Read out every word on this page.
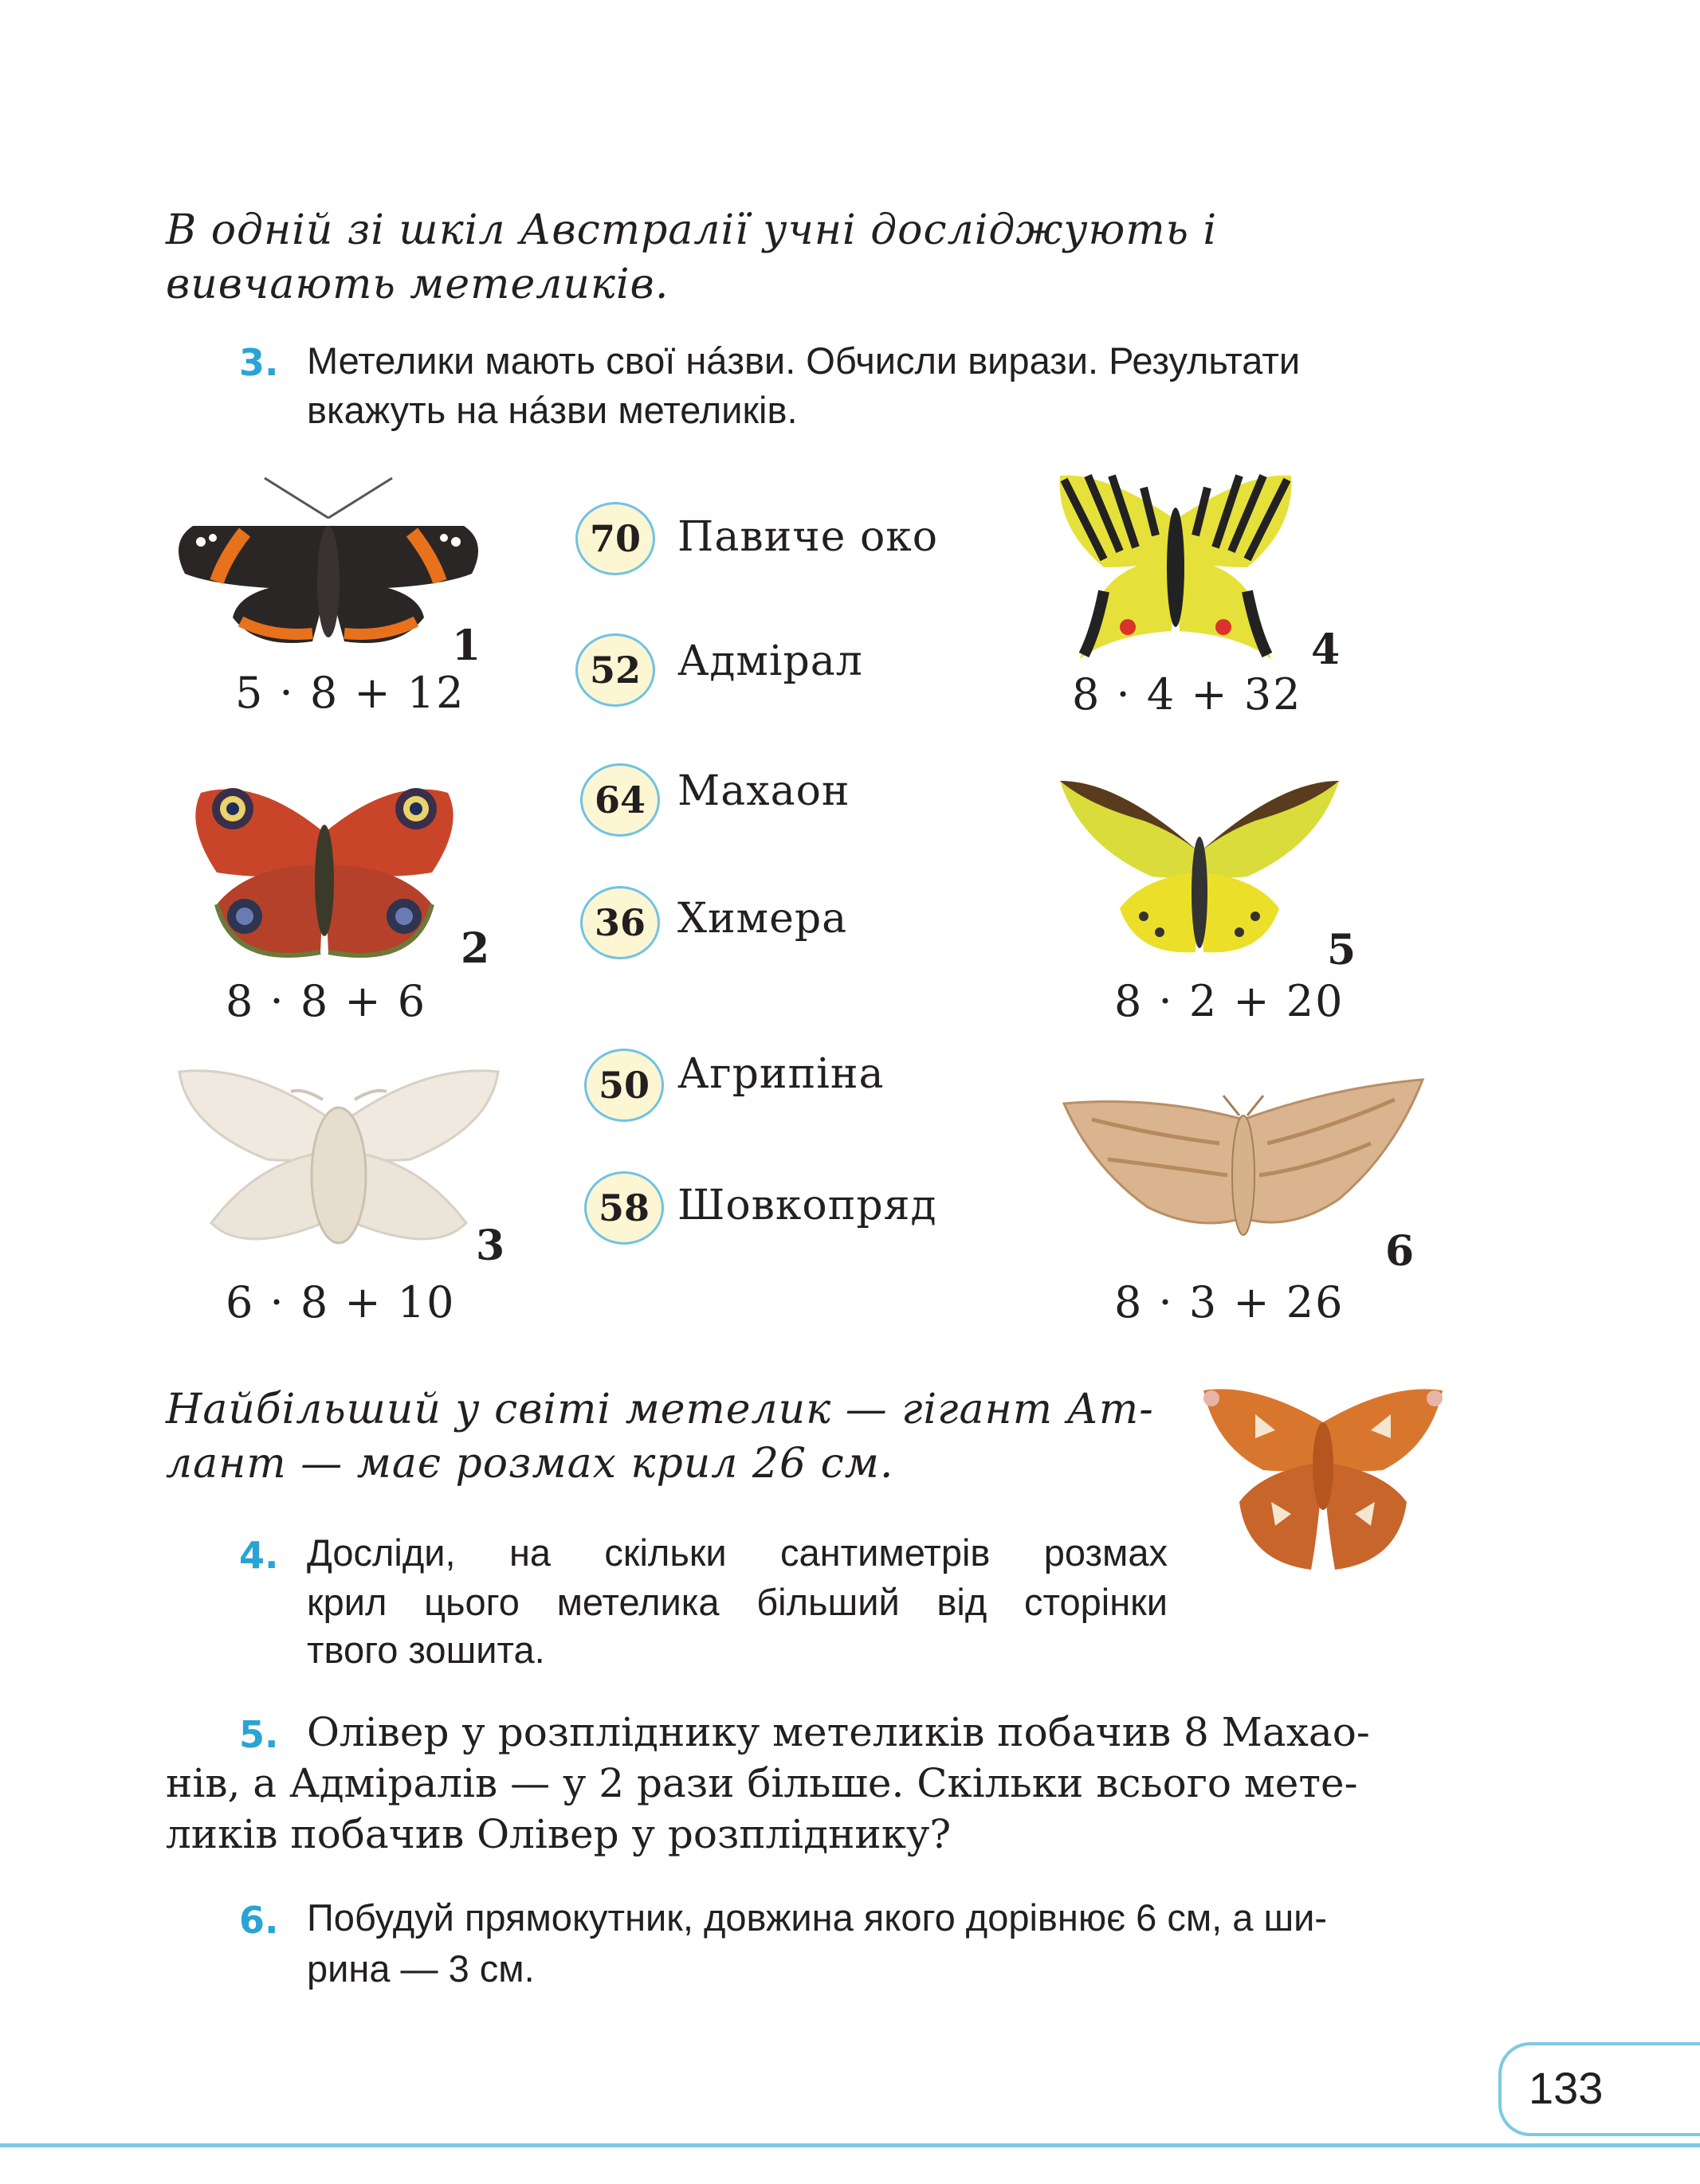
В одній зі шкіл Австралії учні досліджують і вивчають метеликів.
3. Метелики мають свої нáзви. Обчисли вирази. Результати
вкажуть на нáзви метеликів.
1
5 · 8 + 12
2
8 · 8 + 6
3
6 · 8 + 10
70 Павиче око
52 Адмірал
64 Махаон
36 Химера
50 Агрипіна
58 Шовкопряд
4
8 · 4 + 32
5
8 · 2 + 20
6
8 · 3 + 26
Найбільший у світі метелик — гігант Ат-
лант — має розмах крил 26 см.
4. Досліди, на скільки сантиметрів розмах
крил цього метелика більший від сторінки
твого зошита.
5. Олівер у розпліднику метеликів побачив 8 Махао-
нів, а Адміралів — у 2 рази більше. Скільки всього мете-
ликів побачив Олівер у розпліднику?
6. Побудуй прямокутник, довжина якого дорівнює 6 см, а ши-
рина — 3 см.
133
